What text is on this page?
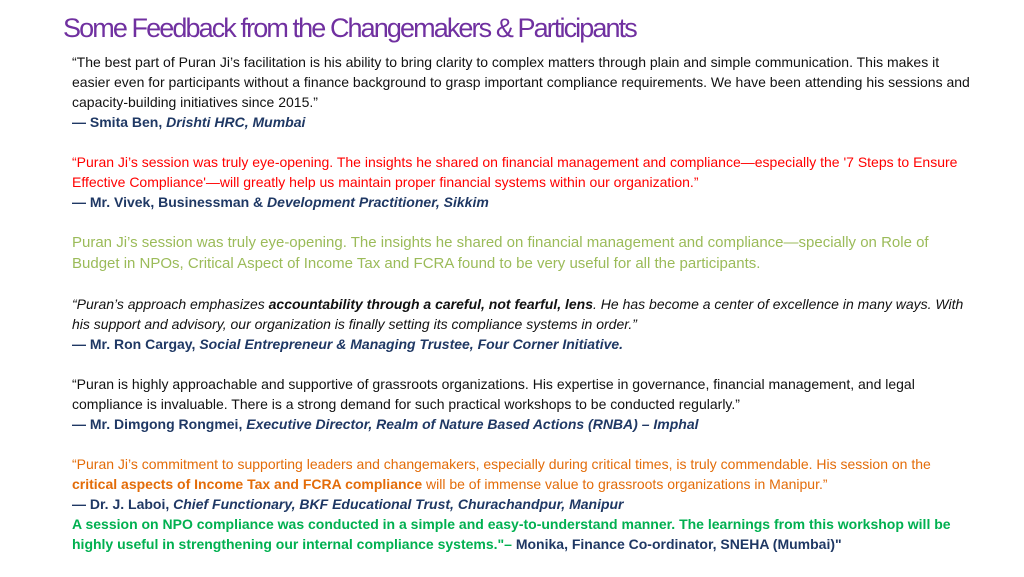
Some Feedback from the Changemakers & Participants

“The best part of Puran Ji’s facilitation is his ability to bring clarity to complex matters through plain and simple communication. This makes it easier even for participants without a finance background to grasp important compliance requirements. We have been attending his sessions and capacity-building initiatives since 2015.”

— Smita Ben, Drishti HRC, Mumbai

“Puran Ji’s session was truly eye-opening. The insights he shared on financial management and compliance—especially the '7 Steps to Ensure Effective Compliance'—will greatly help us maintain proper financial systems within our organization.”

— Mr. Vivek, Businessman & Development Practitioner, Sikkim

Puran Ji’s session was truly eye-opening. The insights he shared on financial management and compliance—specially on Role of Budget in NPOs, Critical Aspect of Income Tax and FCRA found to be very useful for all the participants.

“Puran’s approach emphasizes accountability through a careful, not fearful, lens. He has become a center of excellence in many ways. With his support and advisory, our organization is finally setting its compliance systems in order.”

— Mr. Ron Cargay, Social Entrepreneur & Managing Trustee, Four Corner Initiative.

“Puran is highly approachable and supportive of grassroots organizations. His expertise in governance, financial management, and legal compliance is invaluable. There is a strong demand for such practical workshops to be conducted regularly.”

— Mr. Dimgong Rongmei, Executive Director, Realm of Nature Based Actions (RNBA) – Imphal

“Puran Ji’s commitment to supporting leaders and changemakers, especially during critical times, is truly commendable. His session on the critical aspects of Income Tax and FCRA compliance will be of immense value to grassroots organizations in Manipur.”

— Dr. J. Laboi, Chief Functionary, BKF Educational Trust, Churachandpur, Manipur

A session on NPO compliance was conducted in a simple and easy-to-understand manner. The learnings from this workshop will be highly useful in strengthening our internal compliance systems."– Monika, Finance Co-ordinator, SNEHA (Mumbai)"
